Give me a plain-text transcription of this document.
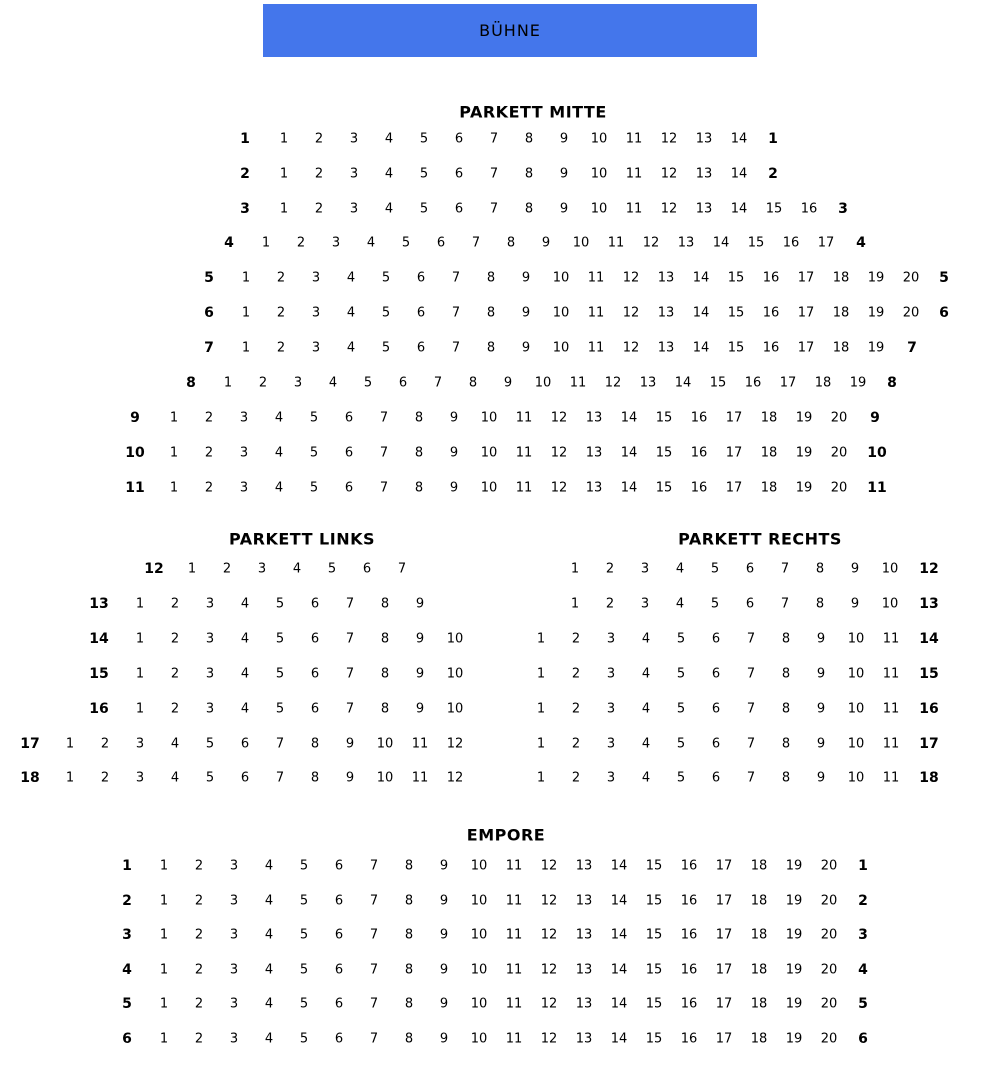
BÜHNE
PARKETT MITTE
1 1 2 3 4 5 6 7 8 9 10 11 12 13 14 1
2 1 2 3 4 5 6 7 8 9 10 11 12 13 14 2
3 1 2 3 4 5 6 7 8 9 10 11 12 13 14 15 16 3
4 1 2 3 4 5 6 7 8 9 10 11 12 13 14 15 16 17 4
5 1 2 3 4 5 6 7 8 9 10 11 12 13 14 15 16 17 18 19 20 5
6 1 2 3 4 5 6 7 8 9 10 11 12 13 14 15 16 17 18 19 20 6
7 1 2 3 4 5 6 7 8 9 10 11 12 13 14 15 16 17 18 19 7
8 1 2 3 4 5 6 7 8 9 10 11 12 13 14 15 16 17 18 19 8
9 1 2 3 4 5 6 7 8 9 10 11 12 13 14 15 16 17 18 19 20 9
10 1 2 3 4 5 6 7 8 9 10 11 12 13 14 15 16 17 18 19 20 10
11 1 2 3 4 5 6 7 8 9 10 11 12 13 14 15 16 17 18 19 20 11
PARKETT LINKS
12 1 2 3 4 5 6 7
13 1 2 3 4 5 6 7 8 9
14 1 2 3 4 5 6 7 8 9 10
15 1 2 3 4 5 6 7 8 9 10
16 1 2 3 4 5 6 7 8 9 10
17 1 2 3 4 5 6 7 8 9 10 11 12
18 1 2 3 4 5 6 7 8 9 10 11 12
PARKETT RECHTS
1 2 3 4 5 6 7 8 9 10 12
1 2 3 4 5 6 7 8 9 10 13
1 2 3 4 5 6 7 8 9 10 11 14
1 2 3 4 5 6 7 8 9 10 11 15
1 2 3 4 5 6 7 8 9 10 11 16
1 2 3 4 5 6 7 8 9 10 11 17
1 2 3 4 5 6 7 8 9 10 11 18
EMPORE
1 1 2 3 4 5 6 7 8 9 10 11 12 13 14 15 16 17 18 19 20 1
2 1 2 3 4 5 6 7 8 9 10 11 12 13 14 15 16 17 18 19 20 2
3 1 2 3 4 5 6 7 8 9 10 11 12 13 14 15 16 17 18 19 20 3
4 1 2 3 4 5 6 7 8 9 10 11 12 13 14 15 16 17 18 19 20 4
5 1 2 3 4 5 6 7 8 9 10 11 12 13 14 15 16 17 18 19 20 5
6 1 2 3 4 5 6 7 8 9 10 11 12 13 14 15 16 17 18 19 20 6
